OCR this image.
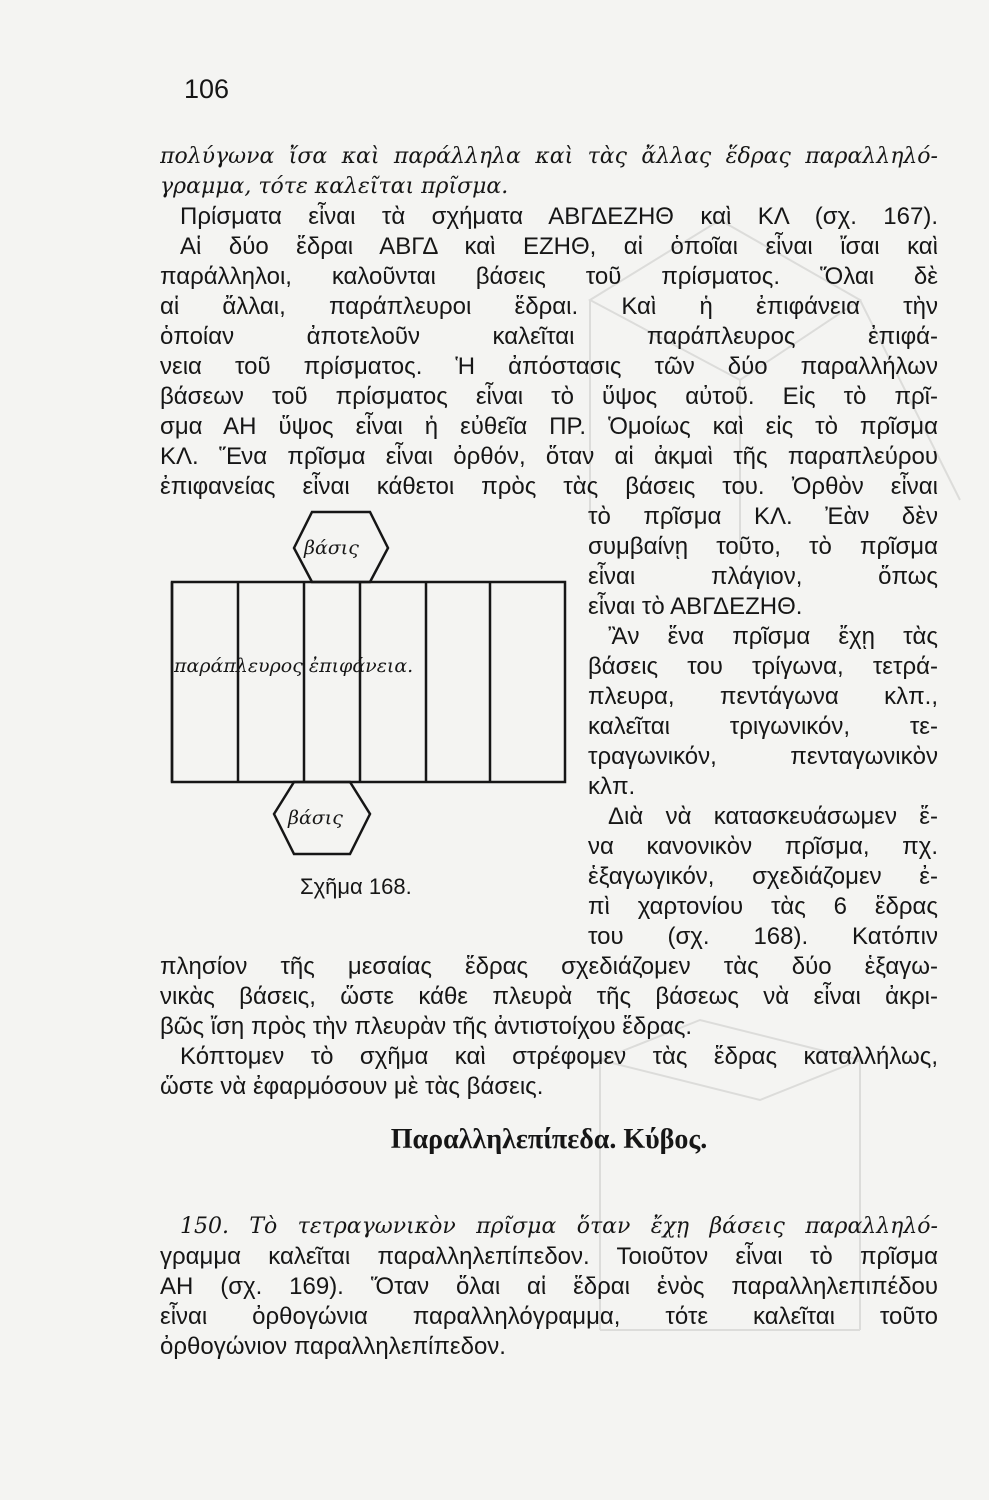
106
πολύγωνα ἴσα καὶ παράλληλα καὶ τὰς ἄλλας ἕδρας παραλληλό-
γραμμα, τότε καλεῖται πρῖσμα.
Πρίσματα εἶναι τὰ σχήματα ΑΒΓΔΕΖΗΘ καὶ ΚΛ (σχ. 167).
Αἱ δύο ἕδραι ΑΒΓΔ καὶ ΕΖΗΘ, αἱ ὁποῖαι εἶναι ἴσαι καὶ
παράλληλοι, καλοῦνται βάσεις τοῦ πρίσματος. Ὅλαι δὲ
αἱ ἄλλαι, παράπλευροι ἕδραι. Καὶ ἡ ἐπιφάνεια τὴν
ὁποίαν ἀποτελοῦν καλεῖται παράπλευρος ἐπιφά-
νεια τοῦ πρίσματος. Ἡ ἀπόστασις τῶν δύο παραλλήλων
βάσεων τοῦ πρίσματος εἶναι τὸ ὕψος αὐτοῦ. Εἰς τὸ πρῖ-
σμα ΑΗ ὕψος εἶναι ἡ εὐθεῖα ΠΡ. Ὁμοίως καὶ εἰς τὸ πρῖσμα
ΚΛ. Ἕνα πρῖσμα εἶναι ὀρθόν, ὅταν αἱ ἀκμαὶ τῆς παραπλεύρου
ἐπιφανείας εἶναι κάθετοι πρὸς τὰς βάσεις του. Ὀρθὸν εἶναι
τὸ πρῖσμα ΚΛ. Ἐὰν δὲν
συμβαίνῃ τοῦτο, τὸ πρῖσμα
εἶναι πλάγιον, ὅπως
εἶναι τὸ ΑΒΓΔΕΖΗΘ.
Ἂν ἕνα πρῖσμα ἔχῃ τὰς
βάσεις του τρίγωνα, τετρά-
πλευρα, πεντάγωνα κλπ.,
καλεῖται τριγωνικόν, τε-
τραγωνικόν, πενταγωνικὸν
κλπ.
Διὰ νὰ κατασκευάσωμεν ἕ-
να κανονικὸν πρῖσμα, πχ.
ἑξαγωγικόν, σχεδιάζομεν ἐ-
πὶ χαρτονίου τὰς 6 ἕδρας
του (σχ. 168). Κατόπιν
πλησίον τῆς μεσαίας ἕδρας σχεδιάζομεν τὰς δύο ἑξαγω-
νικὰς βάσεις, ὥστε κάθε πλευρὰ τῆς βάσεως νὰ εἶναι ἀκρι-
βῶς ἴση πρὸς τὴν πλευρὰν τῆς ἀντιστοίχου ἕδρας.
Κόπτομεν τὸ σχῆμα καὶ στρέφομεν τὰς ἕδρας καταλλήλως,
ὥστε νὰ ἐφαρμόσουν μὲ τὰς βάσεις.
Παραλληλεπίπεδα. Κύβος.
150. Τὸ τετραγωνικὸν πρῖσμα ὅταν ἔχῃ βάσεις παραλληλό-
γραμμα καλεῖται παραλληλεπίπεδον. Τοιοῦτον εἶναι τὸ πρῖσμα
ΑΗ (σχ. 169). Ὅταν ὅλαι αἱ ἕδραι ἑνὸς παραλληλεπιπέδου
εἶναι ὀρθογώνια παραλληλόγραμμα, τότε καλεῖται τοῦτο
ὀρθογώνιον παραλληλεπίπεδον.
βάσις
παράπλευρος ἐπιφάνεια.
βάσις
Σχῆμα 168.
